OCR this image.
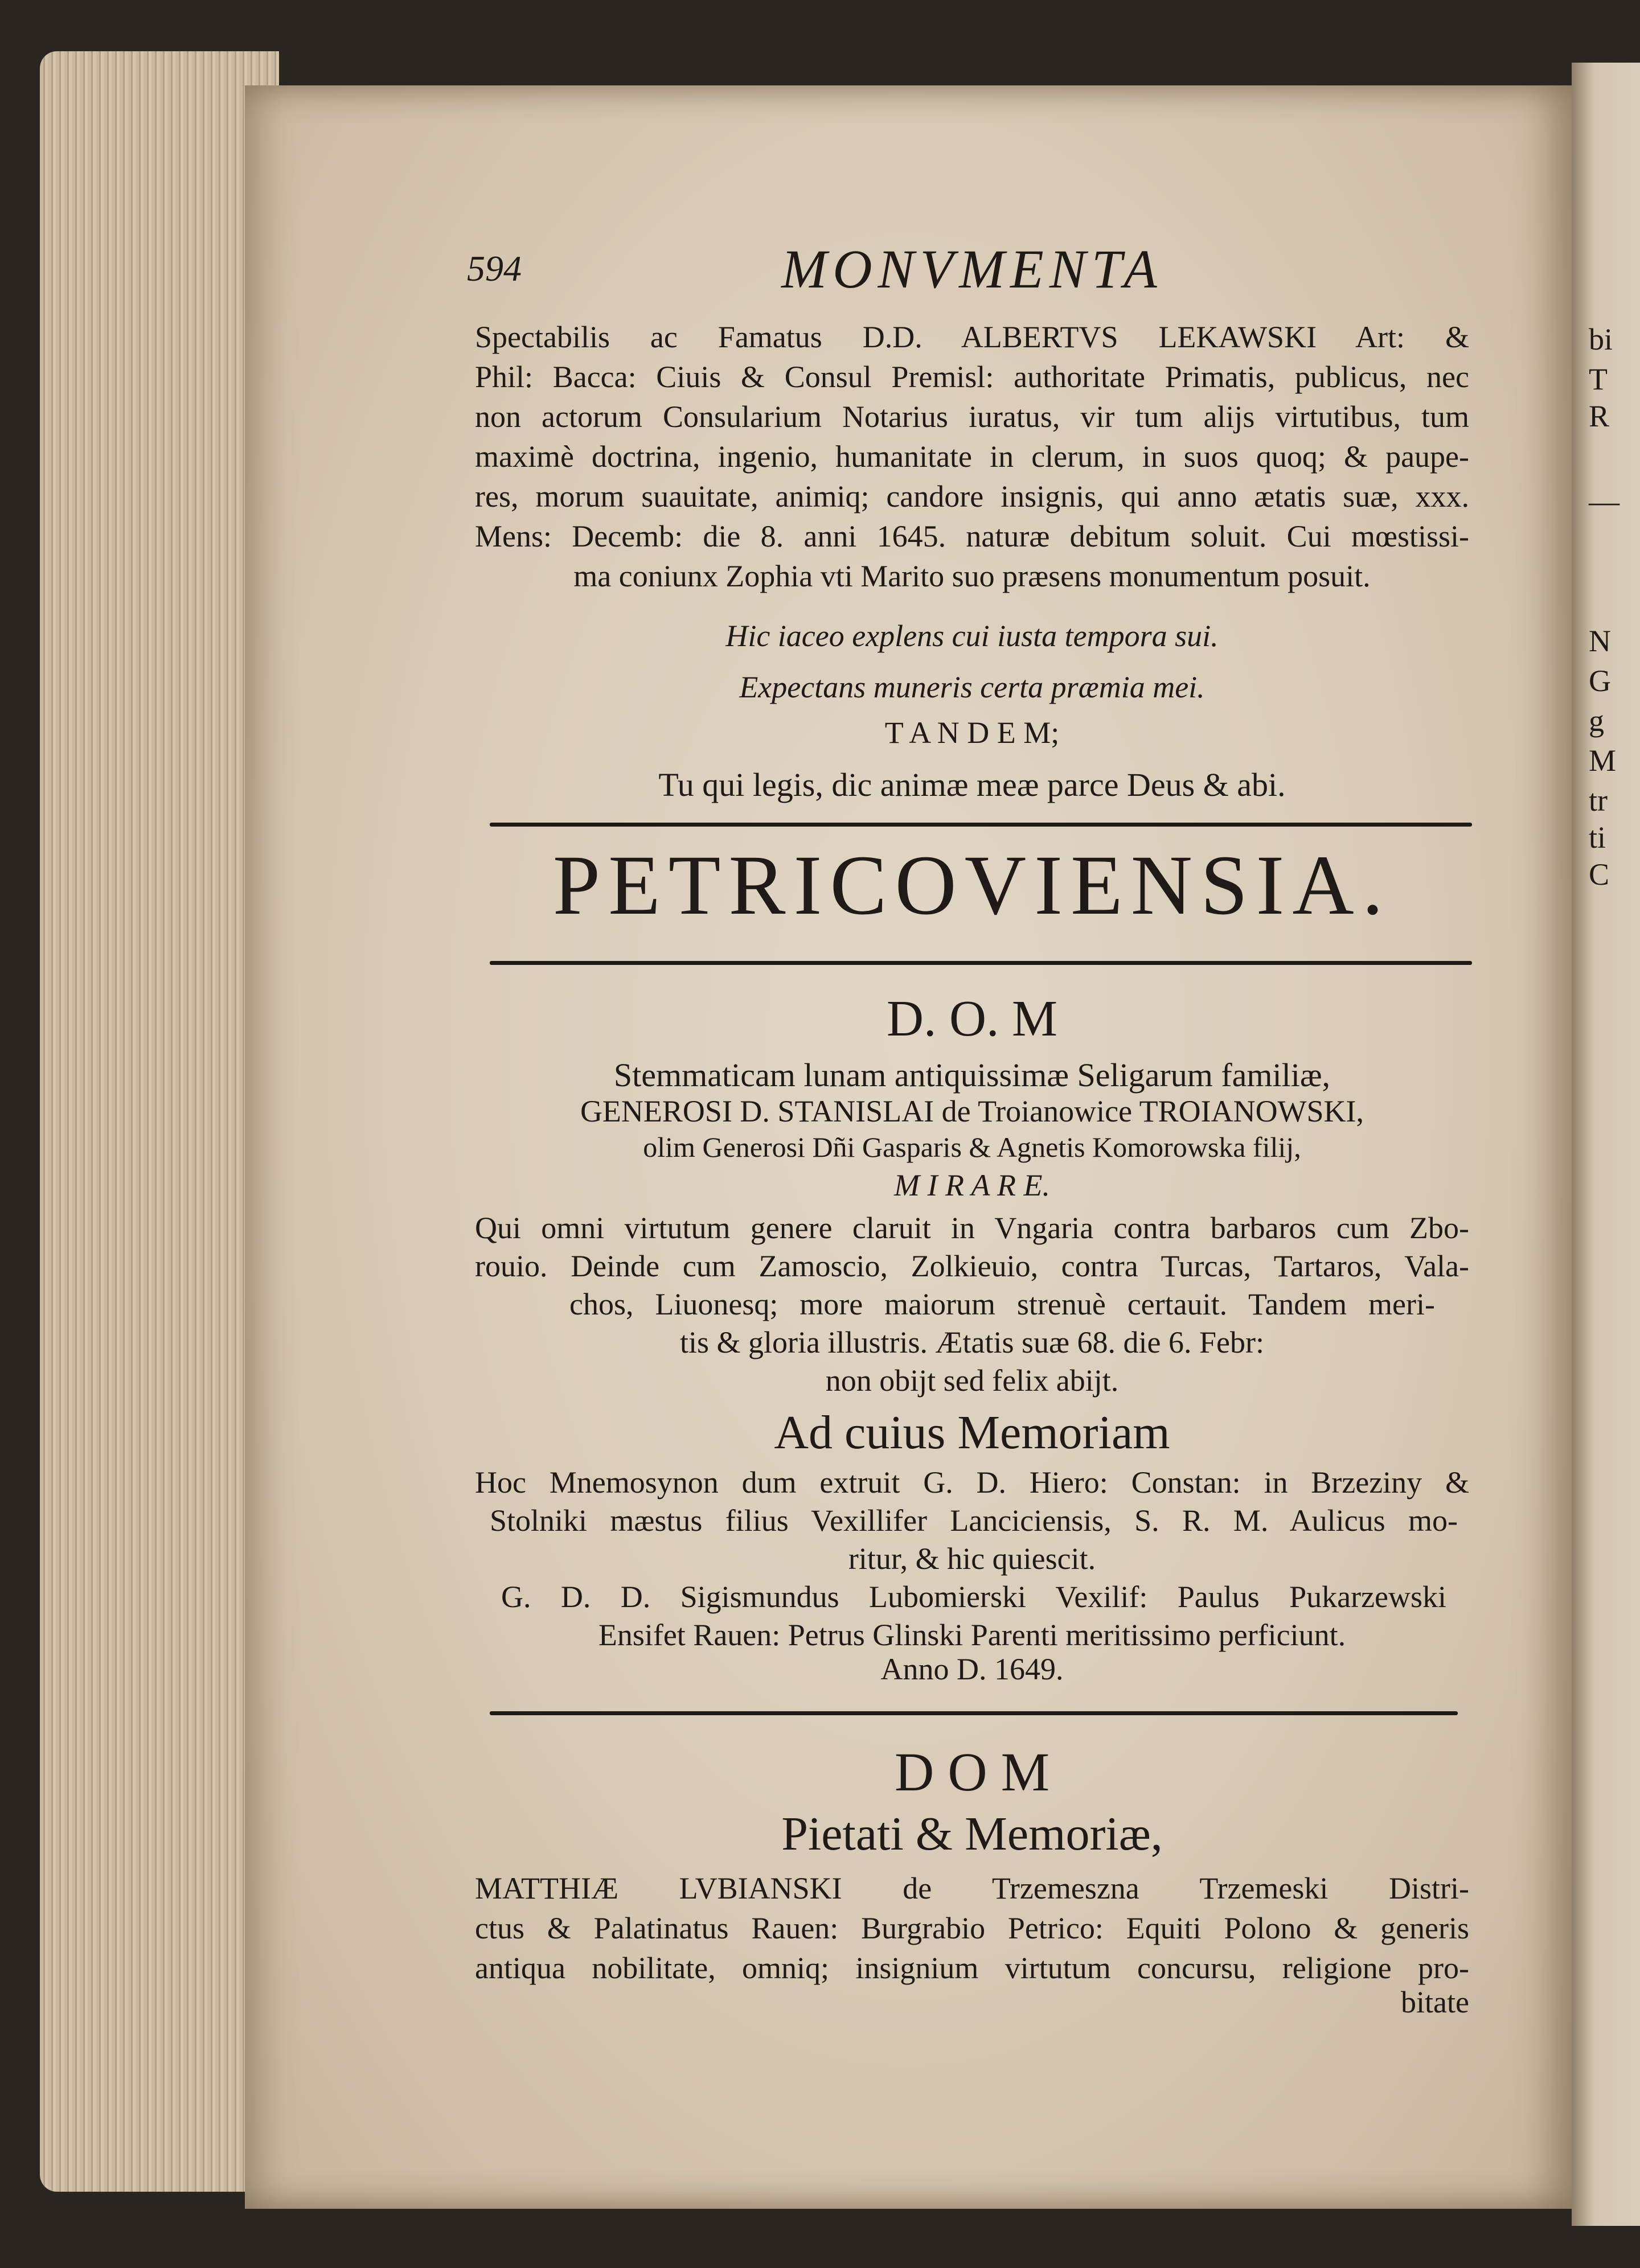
594	MONVMENTA
Spectabilis ac Famatus D.D. ALBERTVS LEKAWSKI Art: &
Phil: Bacca: Ciuis & Consul Premisl: authoritate Primatis, publicus, nec
non actorum Consularium Notarius iuratus, vir tum alijs virtutibus, tum
maximè doctrina, ingenio, humanitate in clerum, in suos quoq; & paupe-
res, morum suauitate, animiq; candore insignis, qui anno ætatis suæ, xxx.
Mens: Decemb: die 8. anni 1645. naturæ debitum soluit. Cui mœstissi-
ma coniunx Zophia vti Marito suo præsens monumentum posuit.
Hic iaceo explens cui iusta tempora sui.
Expectans muneris certa præmia mei.
T A N D E M;
Tu qui legis, dic animæ meæ parce Deus & abi.
PETRICOVIENSIA.
D. O. M
Stemmaticam lunam antiquissimæ Seligarum familiæ,
GENEROSI D. STANISLAI de Troianowice TROIANOWSKI,
olim Generosi Dñi Gasparis & Agnetis Komorowska filij,
M I R A R E.
Qui omni virtutum genere claruit in Vngaria contra barbaros cum Zbo-
rouio. Deinde cum Zamoscio, Zolkieuio, contra Turcas, Tartaros, Vala-
chos, Liuonesq; more maiorum strenuè certauit. Tandem meri-
tis & gloria illustris. Ætatis suæ 68. die 6. Febr:
non obijt sed felix abijt.
Ad cuius Memoriam
Hoc Mnemosynon dum extruit G. D. Hiero: Constan: in Brzeziny &
Stolniki mæstus filius Vexillifer Lanciciensis, S. R. M. Aulicus mo-
ritur, & hic quiescit.
G. D. D. Sigismundus Lubomierski Vexilif: Paulus Pukarzewski
Ensifet Rauen: Petrus Glinski Parenti meritissimo perficiunt.
Anno D. 1649.
D O M
Pietati & Memoriæ,
MATTHIÆ LVBIANSKI de Trzemeszna Trzemeski Distri-
ctus & Palatinatus Rauen: Burgrabio Petrico: Equiti Polono & generis
antiqua nobilitate, omniq; insignium virtutum concursu, religione pro-
bitate
bi
T
R
—
N
G
g
M
tr
ti
C
